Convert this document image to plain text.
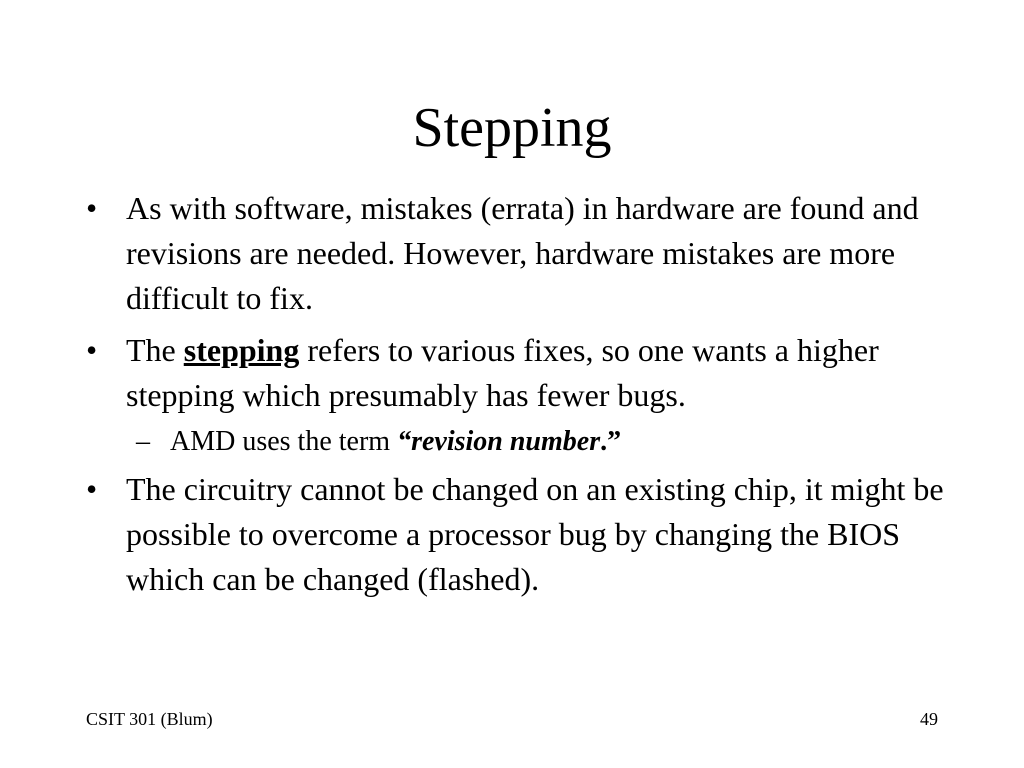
Stepping
• As with software, mistakes (errata) in hardware are found and revisions are needed. However, hardware mistakes are more difficult to fix.
• The stepping refers to various fixes, so one wants a higher stepping which presumably has fewer bugs.
– AMD uses the term “revision number.”
• The circuitry cannot be changed on an existing chip, it might be possible to overcome a processor bug by changing the BIOS which can be changed (flashed).
CSIT 301 (Blum)	49
